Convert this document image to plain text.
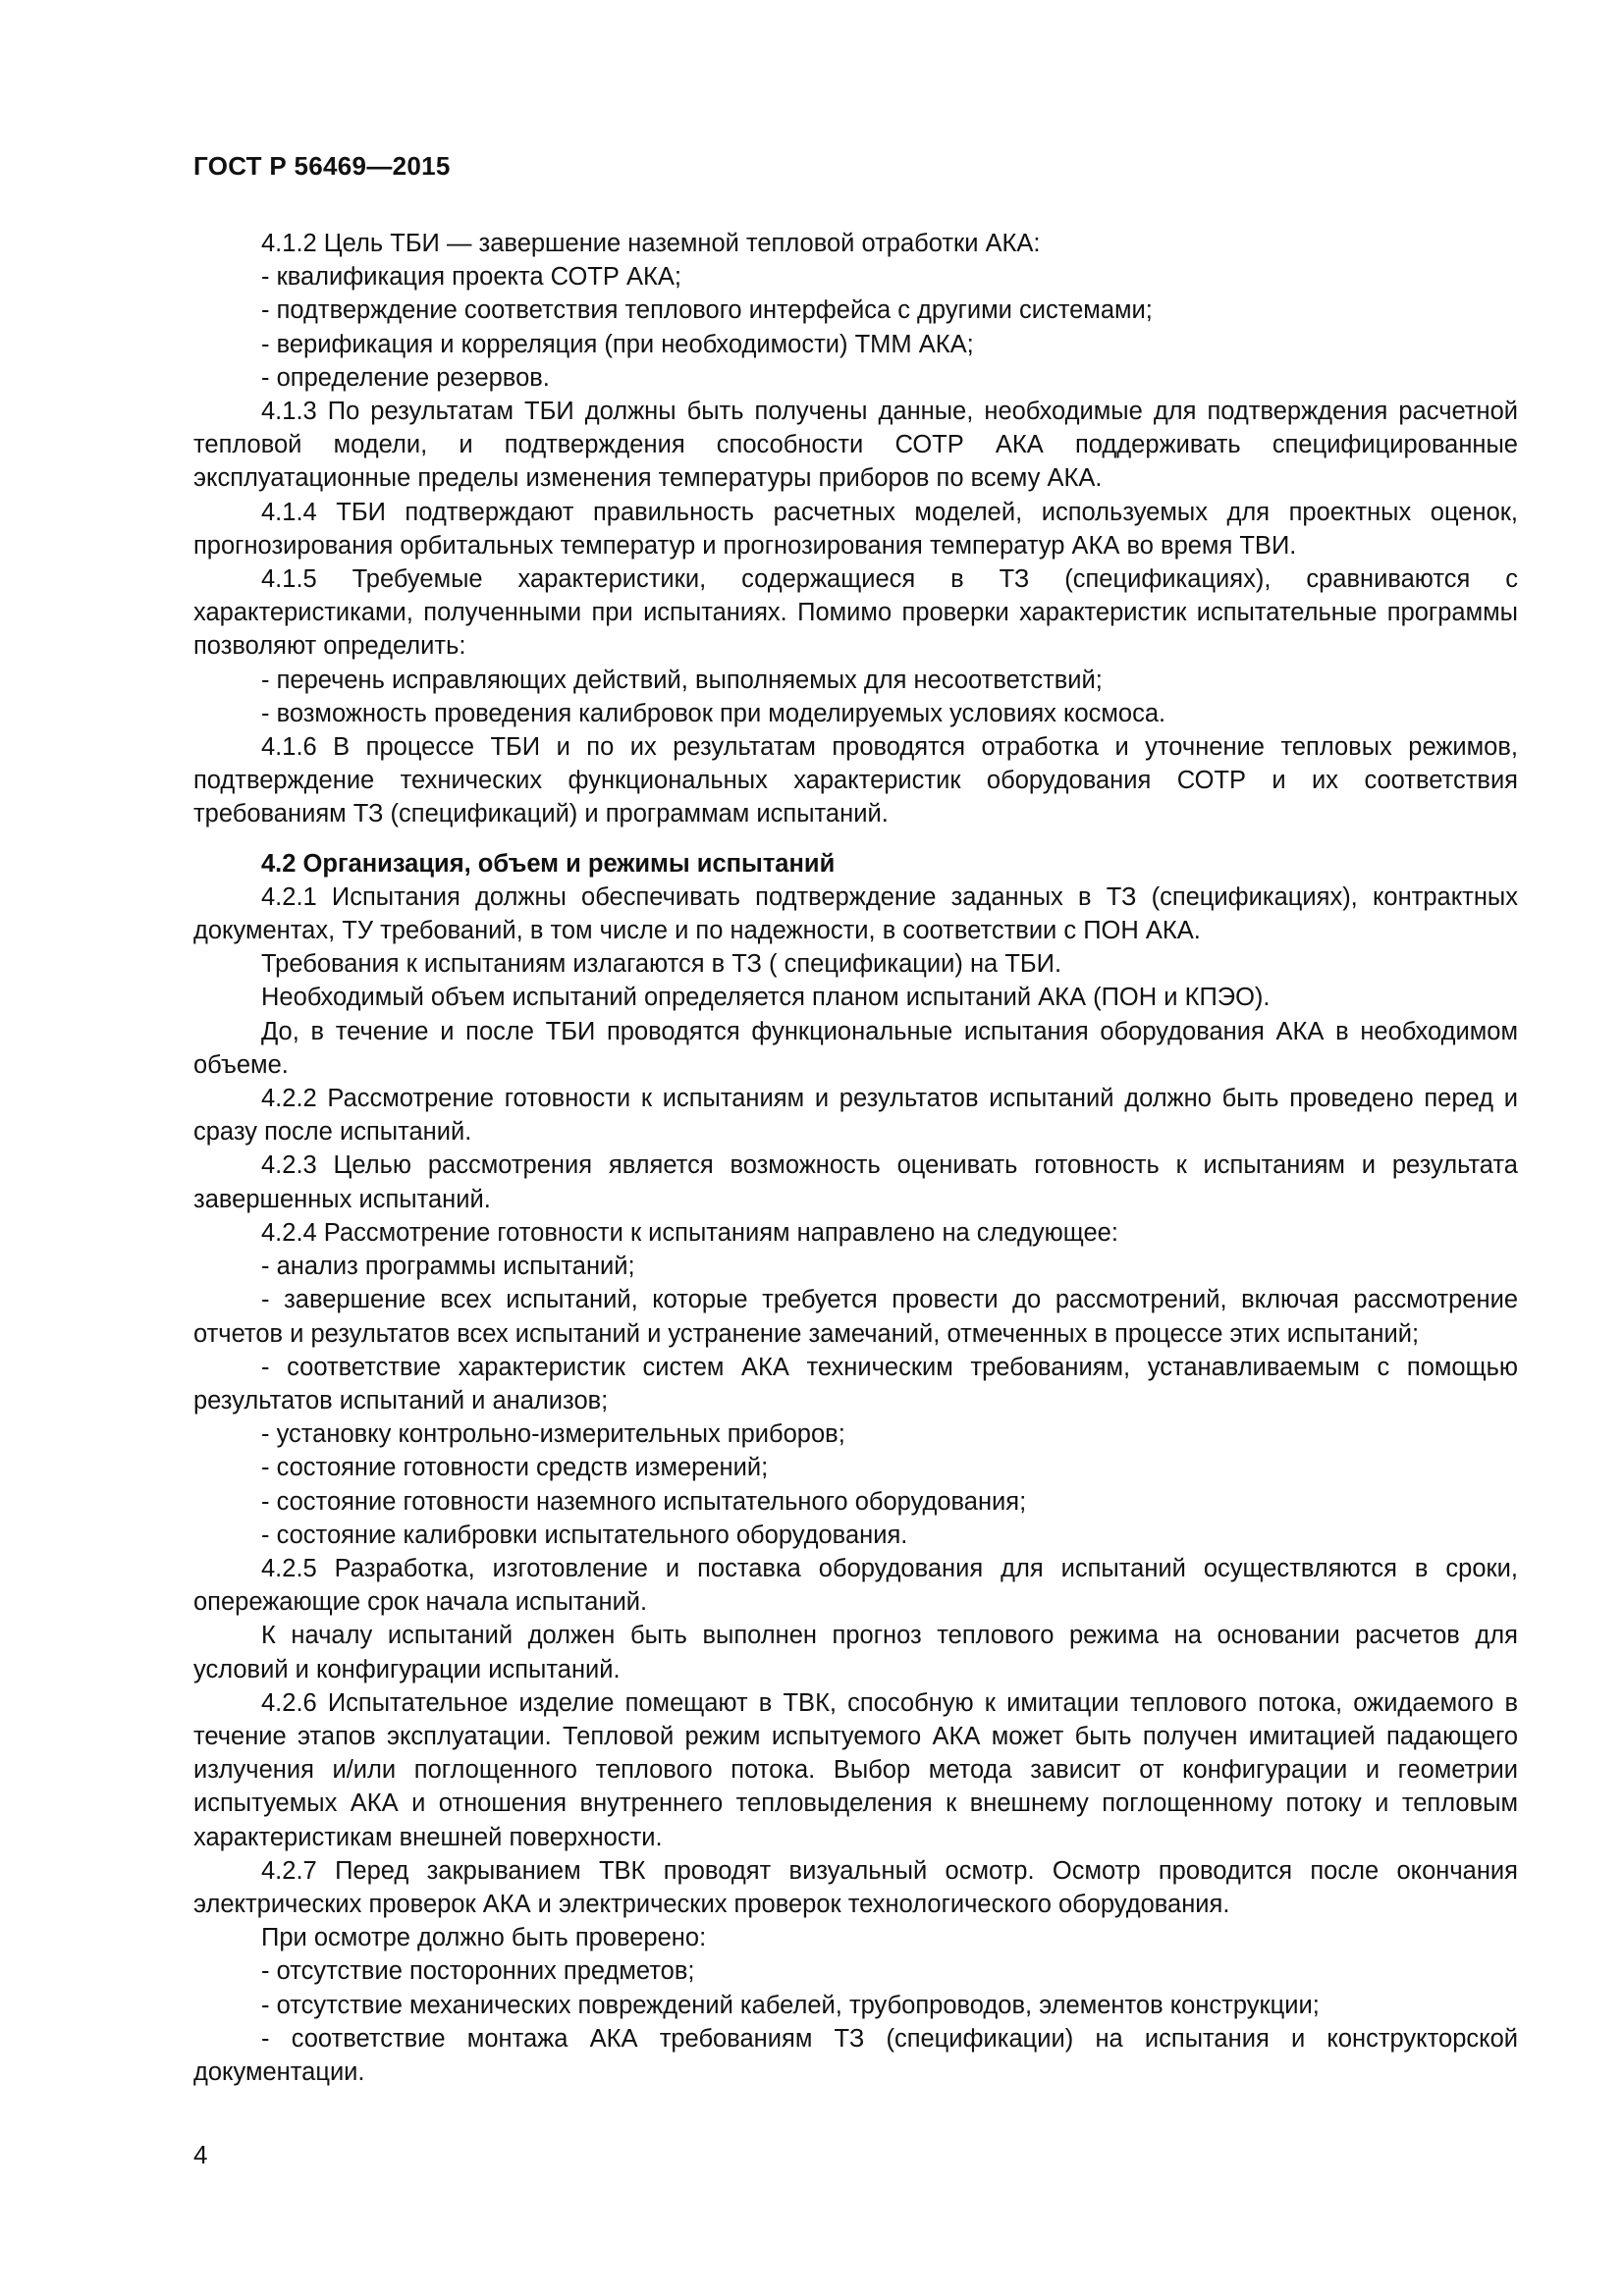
ГОСТ Р 56469—2015

4.1.2 Цель ТБИ — завершение наземной тепловой отработки АКА:

- квалификация проекта СОТР АКА;

- подтверждение соответствия теплового интерфейса с другими системами;

- верификация и корреляция (при необходимости) ТММ АКА;

- определение резервов.

4.1.3 По результатам ТБИ должны быть получены данные, необходимые для подтверждения расчетной тепловой модели, и подтверждения способности СОТР АКА поддерживать специфицированные эксплуатационные пределы изменения температуры приборов по всему АКА.

4.1.4 ТБИ подтверждают правильность расчетных моделей, используемых для проектных оценок, прогнозирования орбитальных температур и прогнозирования температур АКА во время ТВИ.

4.1.5 Требуемые характеристики, содержащиеся в ТЗ (спецификациях), сравниваются с характеристиками, полученными при испытаниях. Помимо проверки характеристик испытательные программы позволяют определить:

- перечень исправляющих действий, выполняемых для несоответствий;

- возможность проведения калибровок при моделируемых условиях космоса.

4.1.6 В процессе ТБИ и по их результатам проводятся отработка и уточнение тепловых режимов, подтверждение технических функциональных характеристик оборудования СОТР и их соответствия требованиям ТЗ (спецификаций) и программам испытаний.

4.2 Организация, объем и режимы испытаний

4.2.1 Испытания должны обеспечивать подтверждение заданных в ТЗ (спецификациях), контрактных документах, ТУ требований, в том числе и по надежности, в соответствии с ПОН АКА.

Требования к испытаниям излагаются в ТЗ ( спецификации) на ТБИ.

Необходимый объем испытаний определяется планом испытаний АКА (ПОН и КПЭО).

До, в течение и после ТБИ проводятся функциональные испытания оборудования АКА в необходимом объеме.

4.2.2 Рассмотрение готовности к испытаниям и результатов испытаний должно быть проведено перед и сразу после испытаний.

4.2.3 Целью рассмотрения является возможность оценивать готовность к испытаниям и результата завершенных испытаний.

4.2.4 Рассмотрение готовности к испытаниям направлено на следующее:

- анализ программы испытаний;

- завершение всех испытаний, которые требуется провести до рассмотрений, включая рассмотрение отчетов и результатов всех испытаний и устранение замечаний, отмеченных в процессе этих испытаний;

- соответствие характеристик систем АКА техническим требованиям, устанавливаемым с помощью результатов испытаний и анализов;

- установку контрольно-измерительных приборов;

- состояние готовности средств измерений;

- состояние готовности наземного испытательного оборудования;

- состояние калибровки испытательного оборудования.

4.2.5 Разработка, изготовление и поставка оборудования для испытаний осуществляются в сроки, опережающие срок начала испытаний.

К началу испытаний должен быть выполнен прогноз теплового режима на основании расчетов для условий и конфигурации испытаний.

4.2.6 Испытательное изделие помещают в ТВК, способную к имитации теплового потока, ожидаемого в течение этапов эксплуатации. Тепловой режим испытуемого АКА может быть получен имитацией падающего излучения и/или поглощенного теплового потока. Выбор метода зависит от конфигурации и геометрии испытуемых АКА и отношения внутреннего тепловыделения к внешнему поглощенному потоку и тепловым характеристикам внешней поверхности.

4.2.7 Перед закрыванием ТВК проводят визуальный осмотр. Осмотр проводится после окончания электрических проверок АКА и электрических проверок технологического оборудования.

При осмотре должно быть проверено:

- отсутствие посторонних предметов;

- отсутствие механических повреждений кабелей, трубопроводов, элементов конструкции;

- соответствие монтажа АКА требованиям ТЗ (спецификации) на испытания и конструкторской документации.

4
